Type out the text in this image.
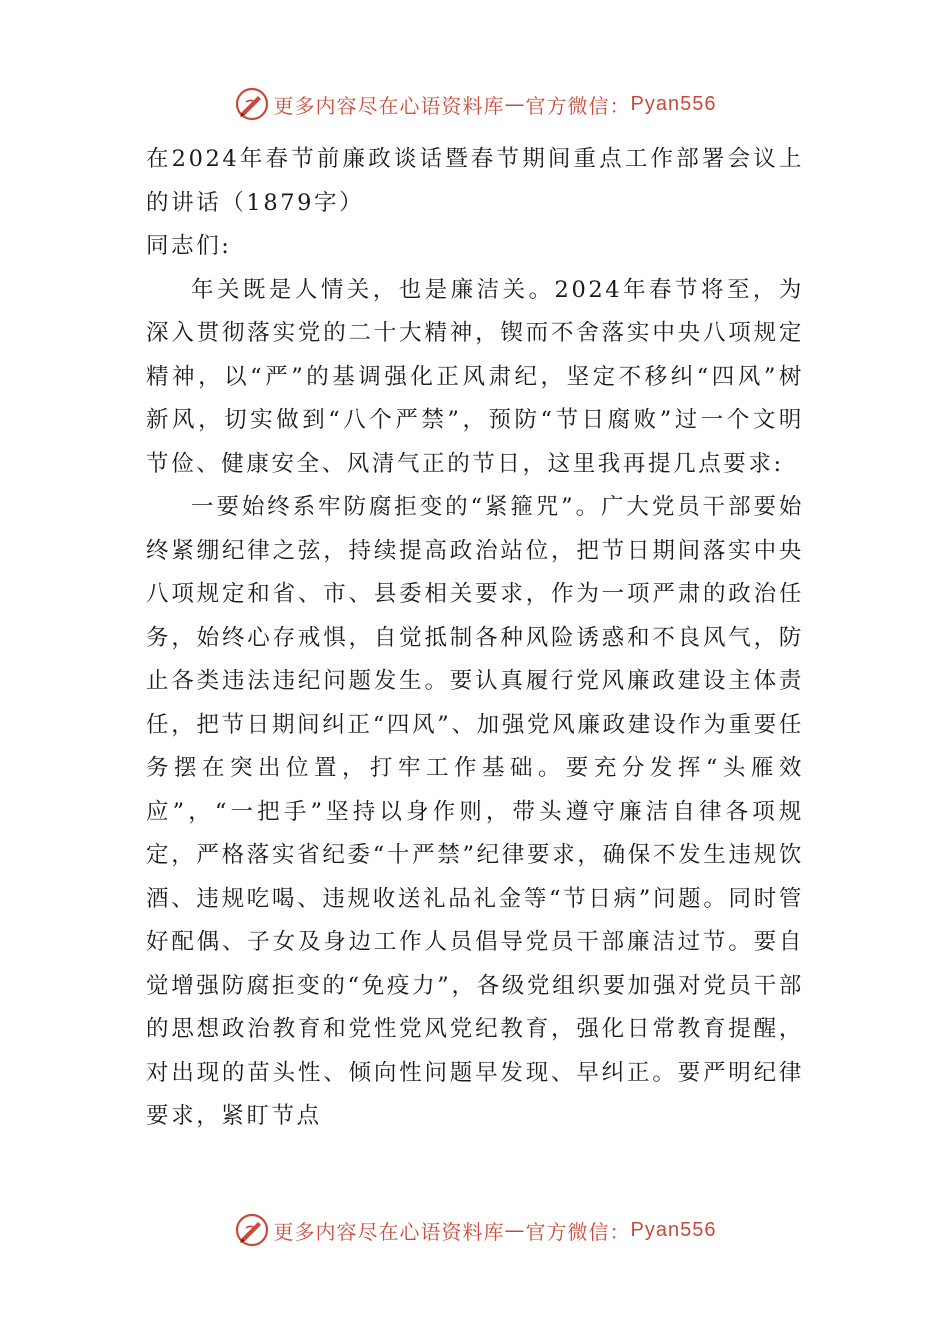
更多内容尽在心语资料库 — 官方微信： Pyan556

在2024年春节前廉政谈话暨春节期间重点工作部署会议上的讲话（1879字）

同志们:

年关既是人情关，也是廉洁关。2024年春节将至，为深入贯彻落实党的二十大精神，锲而不舍落实中央八项规定精神，以“严”的基调强化正风肃纪，坚定不移纠“四风”树新风，切实做到“八个严禁”，预防“节日腐败”过一个文明节俭、健康安全、风清气正的节日，这里我再提几点要求:

一要始终系牢防腐拒变的“紧箍咒”。广大党员干部要始终紧绷纪律之弦，持续提高政治站位，把节日期间落实中央八项规定和省、市、县委相关要求，作为一项严肃的政治任务，始终心存戒惧，自觉抵制各种风险诱惑和不良风气，防止各类违法违纪问题发生。要认真履行党风廉政建设主体责任，把节日期间纠正“四风”、加强党风廉政建设作为重要任务摆在突出位置，打牢工作基础。要充分发挥“头雁效应”，“一把手”坚持以身作则，带头遵守廉洁自律各项规定，严格落实省纪委“十严禁”纪律要求，确保不发生违规饮酒、违规吃喝、违规收送礼品礼金等“节日病”问题。同时管好配偶、子女及身边工作人员倡导党员干部廉洁过节。要自觉增强防腐拒变的“免疫力”，各级党组织要加强对党员干部的思想政治教育和党性党风党纪教育，强化日常教育提醒，对出现的苗头性、倾向性问题早发现、早纠正。要严明纪律要求，紧盯节点

更多内容尽在心语资料库 — 官方微信： Pyan556
